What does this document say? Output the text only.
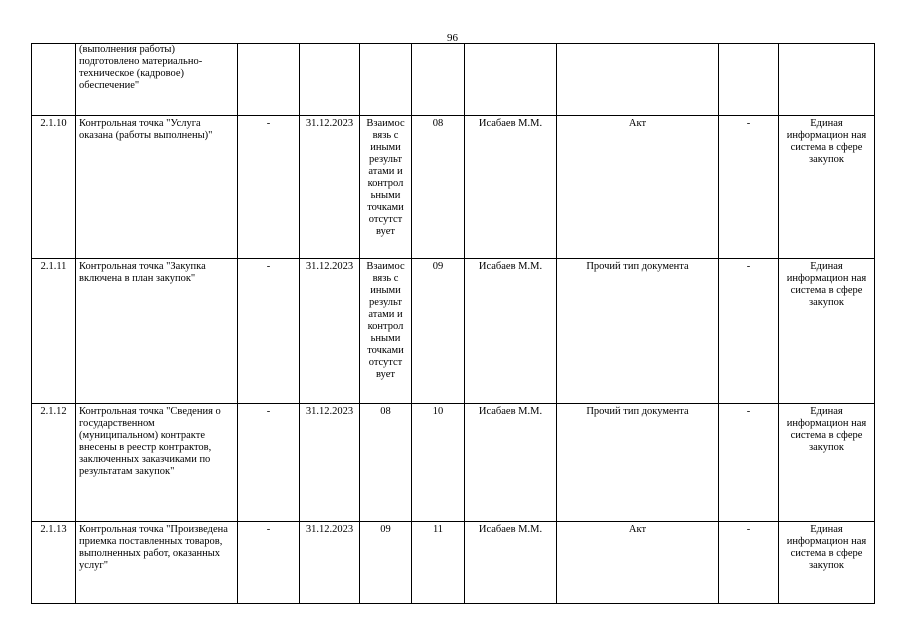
96
	(выполнения работы) подготовлено материально-техническое (кадровое) обеспечение"								
2.1.10	Контрольная точка "Услуга оказана (работы выполнены)"	-	31.12.2023	Взаимос вязь с иными результ атами и контрол ьными точками отсутст вует	08	Исабаев М.М.	Акт	-	Единая информацион ная система в сфере закупок
2.1.11	Контрольная точка "Закупка включена в план закупок"	-	31.12.2023	Взаимос вязь с иными результ атами и контрол ьными точками отсутст вует	09	Исабаев М.М.	Прочий тип документа	-	Единая информацион ная система в сфере закупок
2.1.12	Контрольная точка "Сведения о государственном (муниципальном) контракте внесены в реестр контрактов, заключенных заказчиками по результатам закупок"	-	31.12.2023	08	10	Исабаев М.М.	Прочий тип документа	-	Единая информацион ная система в сфере закупок
2.1.13	Контрольная точка "Произведена приемка поставленных товаров, выполненных работ, оказанных услуг"	-	31.12.2023	09	11	Исабаев М.М.	Акт	-	Единая информацион ная система в сфере закупок
